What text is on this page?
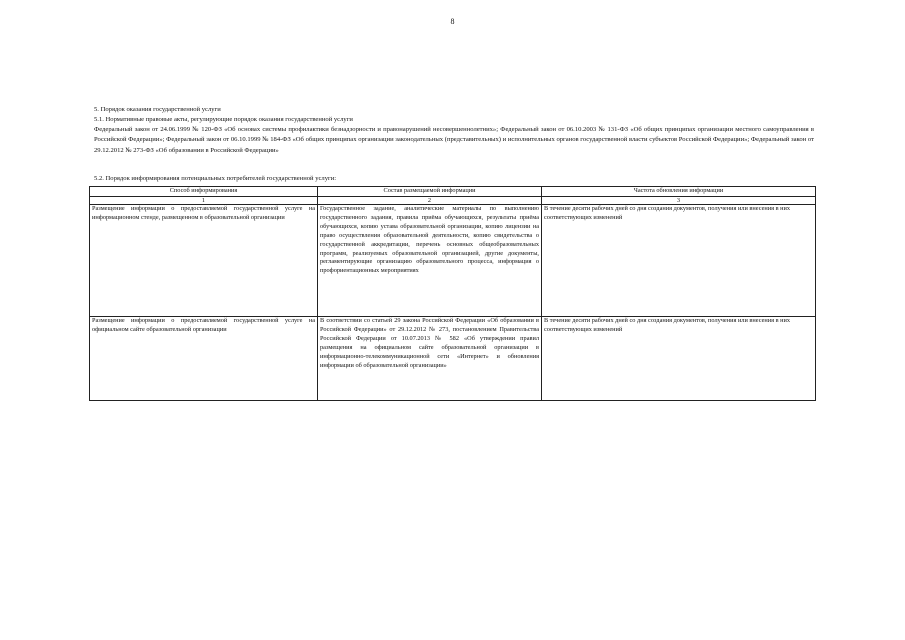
8
5. Порядок оказания государственной услуги
5.1. Нормативные правовые акты, регулирующие порядок оказания государственной услуги
Федеральный закон от 24.06.1999 № 120-ФЗ «Об основах системы профилактики безнадзорности и правонарушений несовершеннолетних»; Федеральный закон от 06.10.2003 № 131-ФЗ «Об общих принципах организации местного самоуправления в Российской Федерации»; Федеральный закон от 06.10.1999 № 184-ФЗ «Об общих принципах организации законодательных (представительных) и исполнительных органов государственной власти субъектов Российской Федерации»; Федеральный закон от 29.12.2012 № 273-ФЗ «Об образовании в Российской Федерации»
5.2. Порядок информирования потенциальных потребителей государственной услуги:
Способ информирования	Состав размещаемой информации	Частота обновления информации
1	2	3
Размещение информации о предоставляемой государственной услуге на информационном стенде, размещенном в образовательной организации	Государственное задание, аналитические материалы по выполнению государственного задания, правила приёма обучающихся, результаты приёма обучающихся, копию устава образовательной организации, копию лицензии на право осуществления образовательной деятельности, копию свидетельства о государственной аккредитации, перечень основных общеобразовательных программ, реализуемых образовательной организацией, другие документы, регламентирующие организацию образовательного процесса, информация о профориентационных мероприятиях	В течение десяти рабочих дней со дня создания документов, получения или внесения в них соответствующих изменений
Размещение информации о предоставляемой государственной услуге на официальном сайте образовательной организации	В соответствии со статьей 29 закона Российской Федерации «Об образовании в Российской Федерации» от 29.12.2012 № 273, постановлением Правительства Российской Федерации от 10.07.2013 № 582 «Об утверждении правил размещения на официальном сайте образовательной организации в информационно-телекоммуникационной сети «Интернет» и обновления информации об образовательной организации»	В течение десяти рабочих дней со дня создания документов, получения или внесения в них соответствующих изменений
